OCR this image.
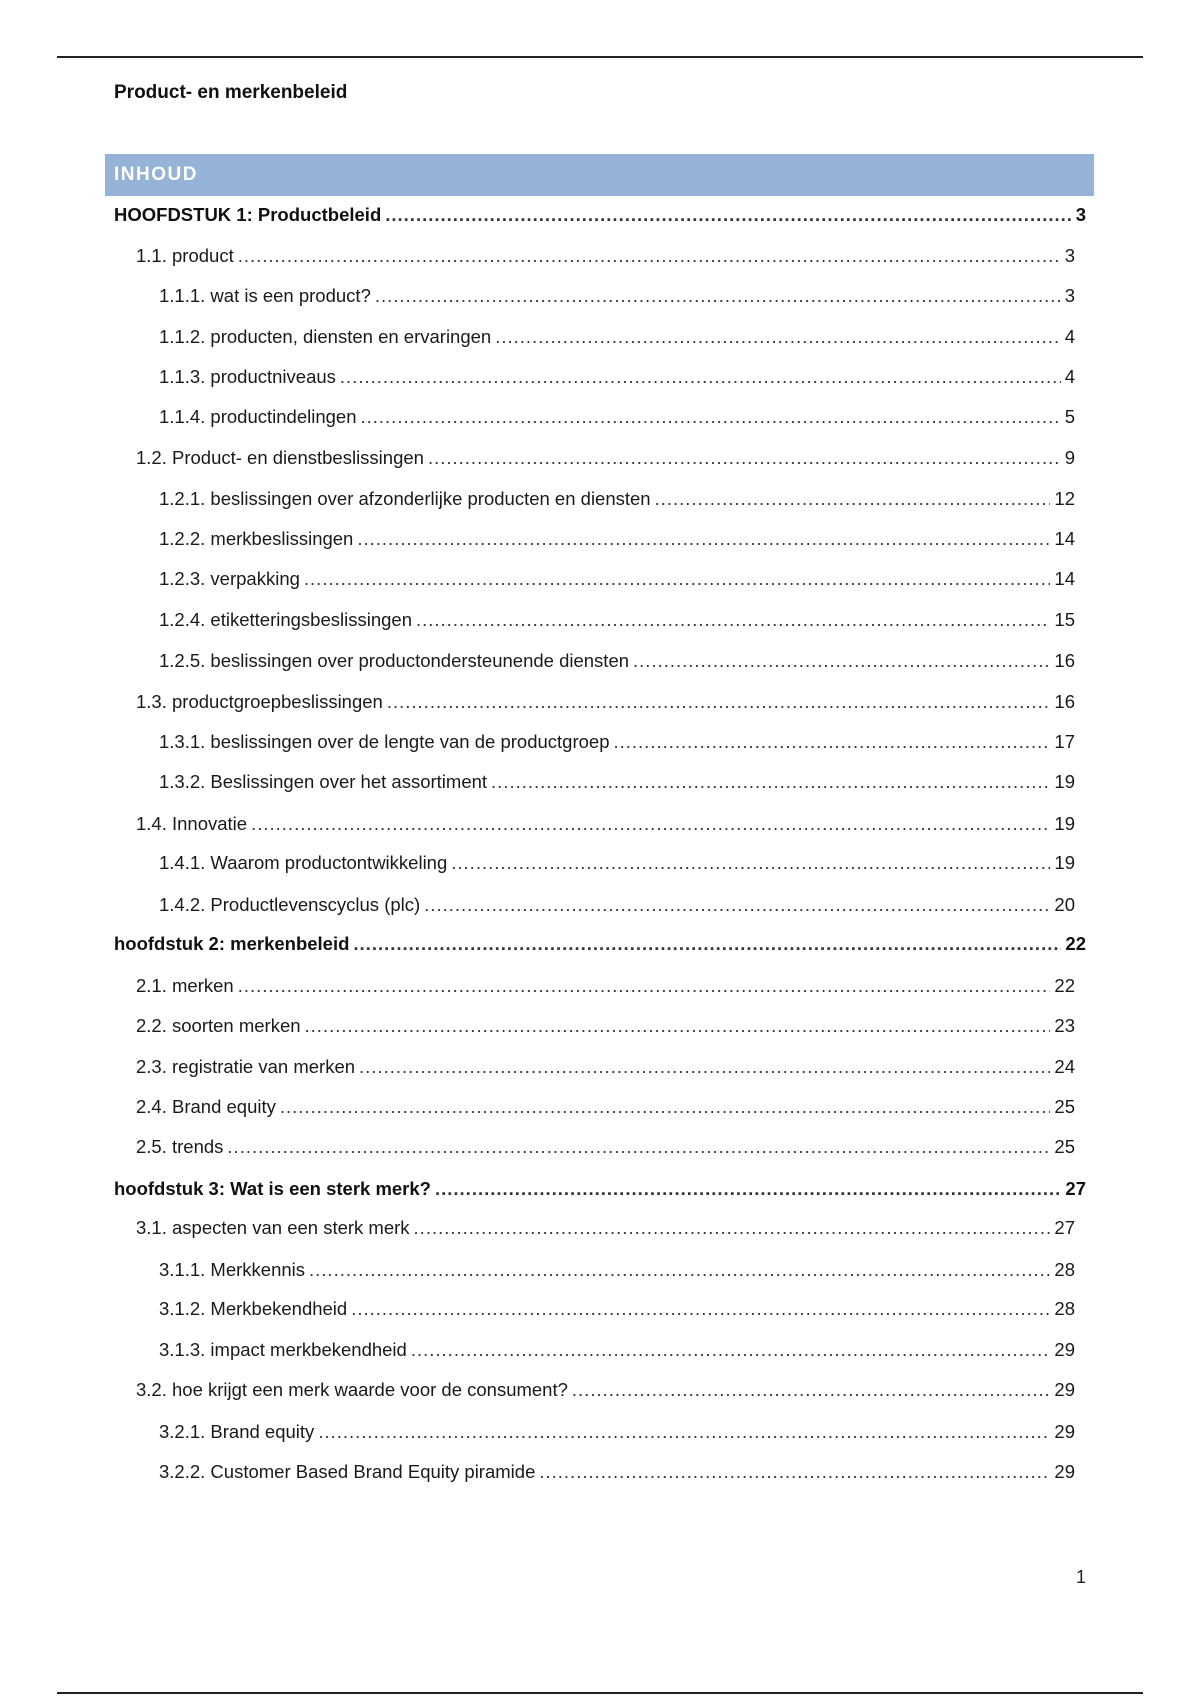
Product- en merkenbeleid
INHOUD
HOOFDSTUK 1: Productbeleid .....	3
1.1. product .....	3
1.1.1. wat is een product? .....	3
1.1.2. producten, diensten en ervaringen .....	4
1.1.3. productniveaus .....	4
1.1.4. productindelingen .....	5
1.2. Product- en dienstbeslissingen .....	9
1.2.1. beslissingen over afzonderlijke producten en diensten .....	12
1.2.2. merkbeslissingen .....	14
1.2.3. verpakking .....	14
1.2.4. etiketteringsbeslissingen .....	15
1.2.5. beslissingen over productondersteunende diensten .....	16
1.3. productgroepbeslissingen .....	16
1.3.1. beslissingen over de lengte van de productgroep .....	17
1.3.2. Beslissingen over het assortiment .....	19
1.4. Innovatie .....	19
1.4.1. Waarom productontwikkeling .....	19
1.4.2. Productlevenscyclus (plc) .....	20
hoofdstuk 2: merkenbeleid .....	22
2.1. merken .....	22
2.2. soorten merken .....	23
2.3. registratie van merken .....	24
2.4. Brand equity .....	25
2.5. trends .....	25
hoofdstuk 3: Wat is een sterk merk? .....	27
3.1. aspecten van een sterk merk .....	27
3.1.1. Merkkennis .....	28
3.1.2. Merkbekendheid .....	28
3.1.3. impact merkbekendheid .....	29
3.2. hoe krijgt een merk waarde voor de consument? .....	29
3.2.1. Brand equity .....	29
3.2.2. Customer Based Brand Equity piramide .....	29
1
